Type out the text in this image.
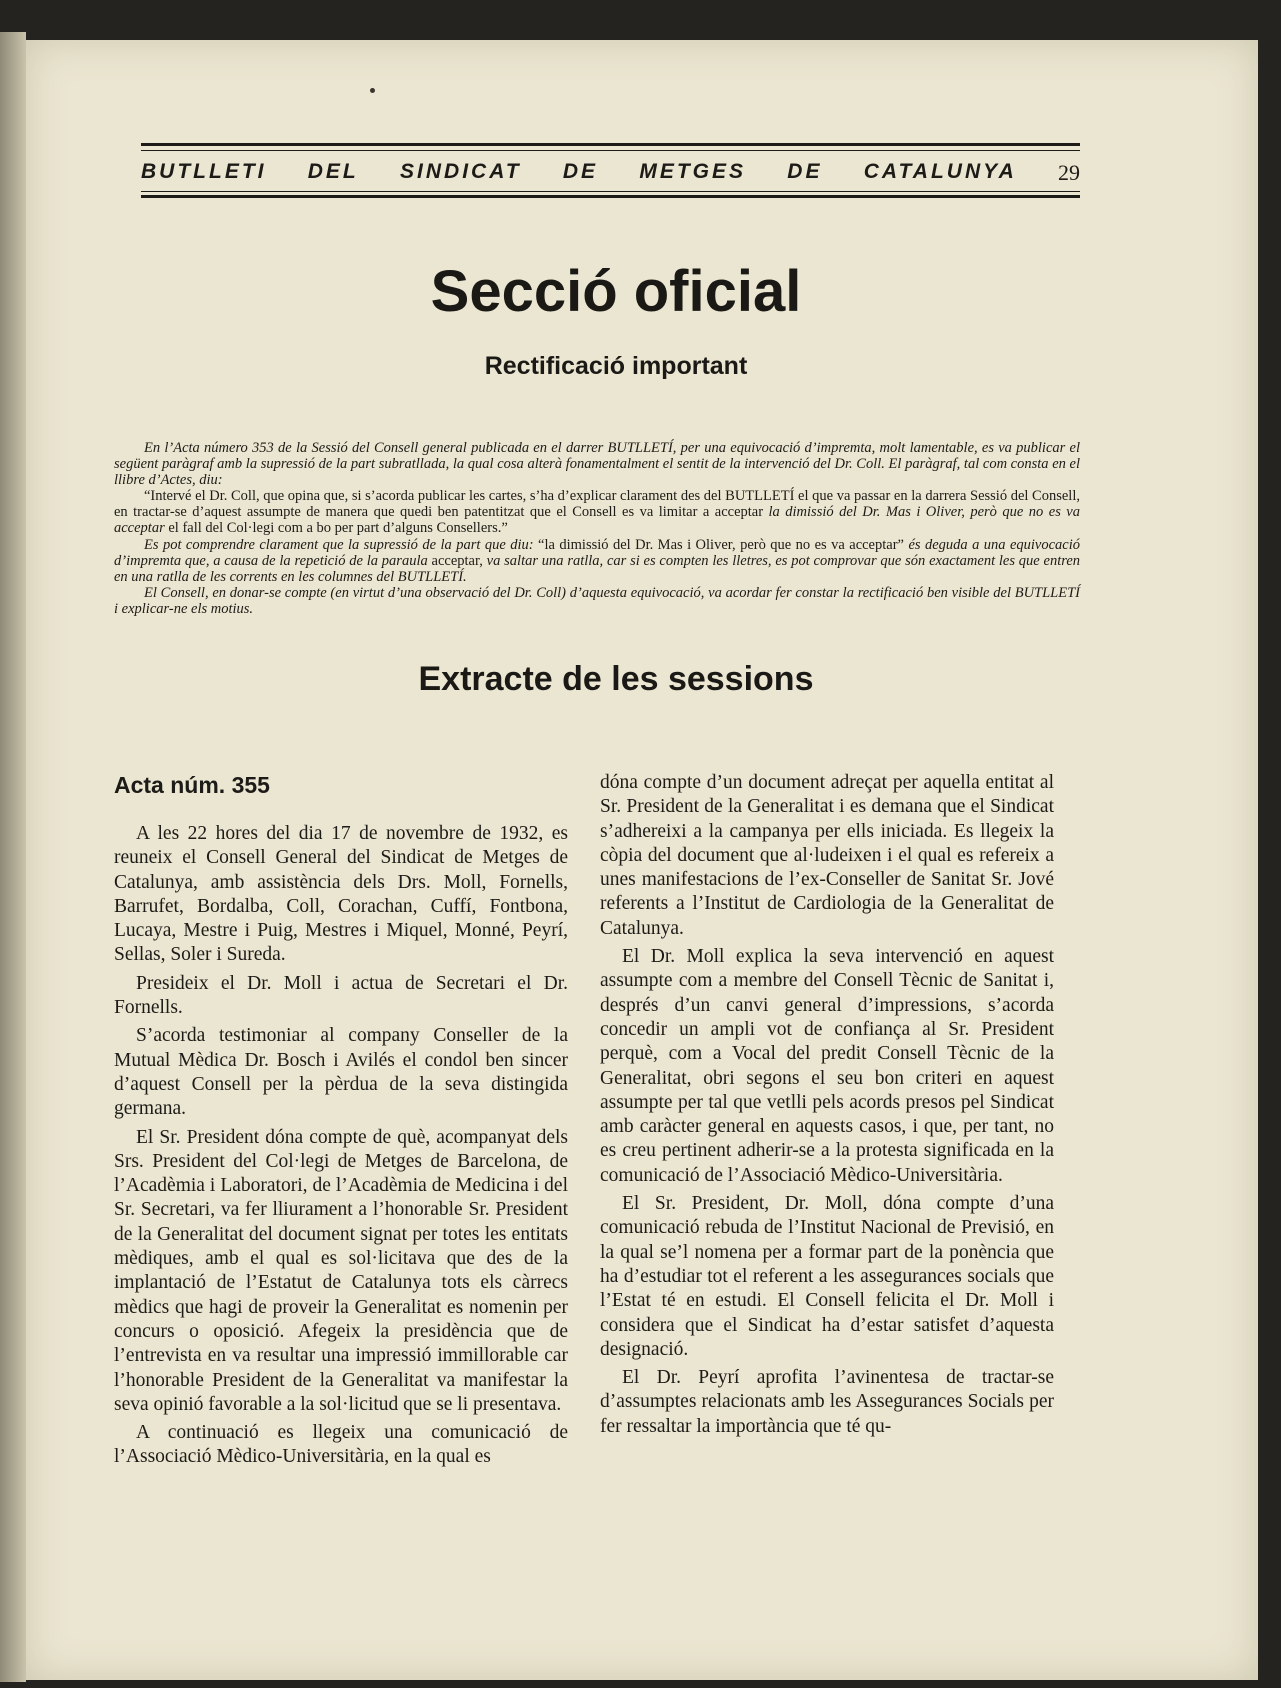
BUTLLETI DEL SINDICAT DE METGES DE CATALUNYA 29
Secció oficial
Rectificació important

En l’Acta número 353 de la Sessió del Consell general publicada en el darrer BUTLLETÍ, per una equivocació d’impremta, molt lamentable, es va publicar el següent paràgraf amb la supressió de la part subratllada, la qual cosa alterà fonamentalment el sentit de la intervenció del Dr. Coll. El paràgraf, tal com consta en el llibre d’Actes, diu:

“Intervé el Dr. Coll, que opina que, si s’acorda publicar les cartes, s’ha d’explicar clarament des del BUTLLETÍ el que va passar en la darrera Sessió del Consell, en tractar-se d’aquest assumpte de manera que quedi ben patentitzat que el Consell es va limitar a acceptar la dimissió del Dr. Mas i Oliver, però que no es va acceptar el fall del Col·legi com a bo per part d’alguns Consellers.”

Es pot comprendre clarament que la supressió de la part que diu: “la dimissió del Dr. Mas i Oliver, però que no es va acceptar” és deguda a una equivocació d’impremta que, a causa de la repetició de la paraula acceptar, va saltar una ratlla, car si es compten les lletres, es pot comprovar que són exactament les que entren en una ratlla de les corrents en les columnes del BUTLLETÍ.

El Consell, en donar-se compte (en virtut d’una observació del Dr. Coll) d’aquesta equivocació, va acordar fer constar la rectificació ben visible del BUTLLETÍ i explicar-ne els motius.

Extracte de les sessions
Acta núm. 355

A les 22 hores del dia 17 de novembre de 1932, es reuneix el Consell General del Sindicat de Metges de Catalunya, amb assistència dels Drs. Moll, Fornells, Barrufet, Bordalba, Coll, Corachan, Cuffí, Fontbona, Lucaya, Mestre i Puig, Mestres i Miquel, Monné, Peyrí, Sellas, Soler i Sureda.

Presideix el Dr. Moll i actua de Secretari el Dr. Fornells.

S’acorda testimoniar al company Conseller de la Mutual Mèdica Dr. Bosch i Avilés el condol ben sincer d’aquest Consell per la pèrdua de la seva distingida germana.

El Sr. President dóna compte de què, acompanyat dels Srs. President del Col·legi de Metges de Barcelona, de l’Acadèmia i Laboratori, de l’Acadèmia de Medicina i del Sr. Secretari, va fer lliurament a l’honorable Sr. President de la Generalitat del document signat per totes les entitats mèdiques, amb el qual es sol·licitava que des de la implantació de l’Estatut de Catalunya tots els càrrecs mèdics que hagi de proveir la Generalitat es nomenin per concurs o oposició. Afegeix la presidència que de l’entrevista en va resultar una impressió immillorable car l’honorable President de la Generalitat va manifestar la seva opinió favorable a la sol·licitud que se li presentava.

A continuació es llegeix una comunicació de l’Associació Mèdico-Universitària, en la qual es

dóna compte d’un document adreçat per aquella entitat al Sr. President de la Generalitat i es demana que el Sindicat s’adhereixi a la campanya per ells iniciada. Es llegeix la còpia del document que al·ludeixen i el qual es refereix a unes manifestacions de l’ex-Conseller de Sanitat Sr. Jové referents a l’Institut de Cardiologia de la Generalitat de Catalunya.

El Dr. Moll explica la seva intervenció en aquest assumpte com a membre del Consell Tècnic de Sanitat i, després d’un canvi general d’impressions, s’acorda concedir un ampli vot de confiança al Sr. President perquè, com a Vocal del predit Consell Tècnic de la Generalitat, obri segons el seu bon criteri en aquest assumpte per tal que vetlli pels acords presos pel Sindicat amb caràcter general en aquests casos, i que, per tant, no es creu pertinent adherir-se a la protesta significada en la comunicació de l’Associació Mèdico-Universitària.

El Sr. President, Dr. Moll, dóna compte d’una comunicació rebuda de l’Institut Nacional de Previsió, en la qual se’l nomena per a formar part de la ponència que ha d’estudiar tot el referent a les assegurances socials que l’Estat té en estudi. El Consell felicita el Dr. Moll i considera que el Sindicat ha d’estar satisfet d’aquesta designació.

El Dr. Peyrí aprofita l’avinentesa de tractar-se d’assumptes relacionats amb les Assegurances Socials per fer ressaltar la importància que té qu-
